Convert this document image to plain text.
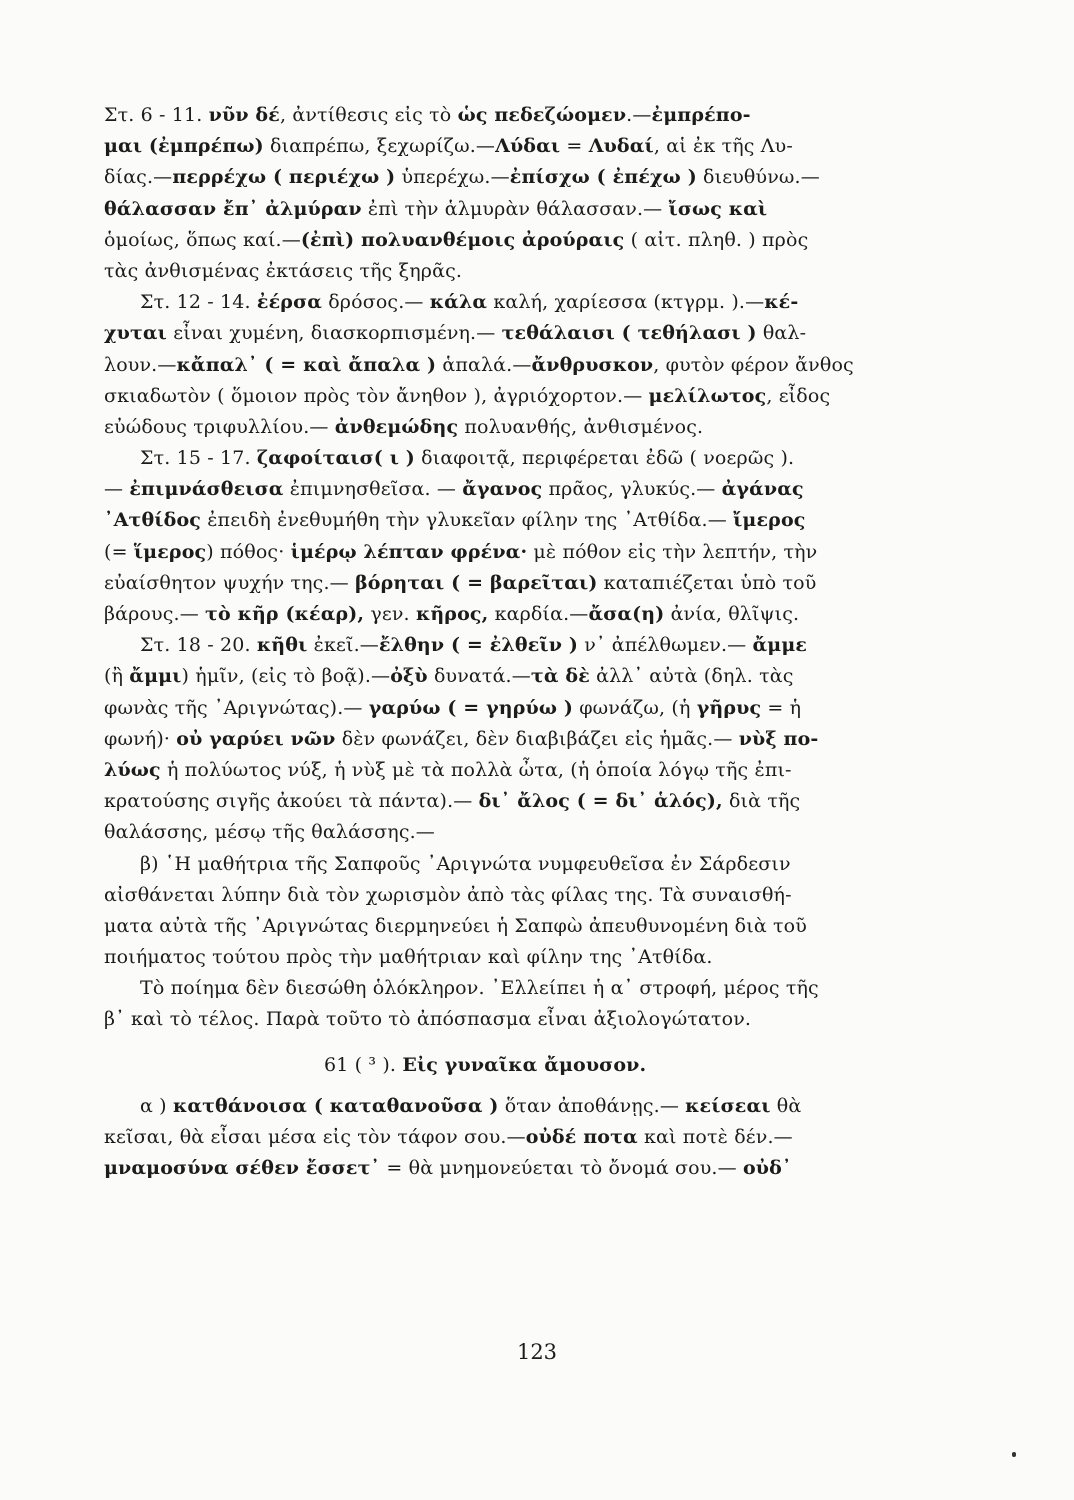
Στ. 6 - 11. νῦν δέ, ἀντίθεσις εἰς τὸ ὡς πεδεζώομεν.—ἐμπρέπο-
μαι (ἐμπρέπω) διαπρέπω, ξεχωρίζω.—Λύδαι = Λυδαί, αἱ ἐκ τῆς Λυ-
δίας.—περρέχω ( περιέχω ) ὑπερέχω.—ἐπίσχω ( ἐπέχω ) διευθύνω.—
θάλασσαν ἔπ᾽ ἀλμύραν ἐπὶ τὴν ἁλμυρὰν θάλασσαν.— ἴσως καὶ
ὁμοίως, ὅπως καί.—(ἐπὶ) πολυανθέμοις ἀρούραις ( αἰτ. πληθ. ) πρὸς
τὰς ἀνθισμένας ἐκτάσεις τῆς ξηρᾶς.
Στ. 12 - 14. ἐέρσα δρόσος.— κάλα καλή, χαρίεσσα (κτγρμ. ).—κέ-
χυται εἶναι χυμένη, διασκορπισμένη.— τεθάλαισι ( τεθήλασι ) θαλ-
λουν.—κἄπαλ᾽ ( = καὶ ἄπαλα ) ἁπαλά.—ἄνθρυσκον, φυτὸν φέρον ἄνθος
σκιαδωτὸν ( ὅμοιον πρὸς τὸν ἄνηθον ), ἀγριόχορτον.— μελίλωτος, εἶδος
εὐώδους τριφυλλίου.— ἀνθεμώδης πολυανθής, ἀνθισμένος.
Στ. 15 - 17. ζαφοίταισ( ι ) διαφοιτᾷ, περιφέρεται ἐδῶ ( νοερῶς ).
— ἐπιμνάσθεισα ἐπιμνησθεῖσα. — ἄγανος πρᾶος, γλυκύς.— ἀγάνας
᾽Ατθίδος ἐπειδὴ ἐνεθυμήθη τὴν γλυκεῖαν φίλην της ᾽Ατθίδα.— ἴμερος
(= ἵμερος) πόθος· ἱμέρῳ λέπταν φρένα· μὲ πόθον εἰς τὴν λεπτήν, τὴν
εὐαίσθητον ψυχήν της.— βόρηται ( = βαρεῖται) καταπιέζεται ὑπὸ τοῦ
βάρους.— τὸ κῆρ (κέαρ), γεν. κῆρος, καρδία.—ἄσα(η) ἀνία, θλῖψις.
Στ. 18 - 20. κῆθι ἐκεῖ.—ἔλθην ( = ἐλθεῖν ) ν᾽ ἀπέλθωμεν.— ἄμμε
(ἢ ἄμμι) ἡμῖν, (εἰς τὸ βοᾷ).—ὀξὺ δυνατά.—τὰ δὲ ἀλλ᾽ αὐτὰ (δηλ. τὰς
φωνὰς τῆς ᾽Αριγνώτας).— γαρύω ( = γηρύω ) φωνάζω, (ἡ γῆρυς = ἡ
φωνή)· οὐ γαρύει νῶν δὲν φωνάζει, δὲν διαβιβάζει εἰς ἡμᾶς.— νὺξ πο-
λύως ἡ πολύωτος νύξ, ἡ νὺξ μὲ τὰ πολλὰ ὦτα, (ἡ ὁποία λόγῳ τῆς ἐπι-
κρατούσης σιγῆς ἀκούει τὰ πάντα).— δι᾽ ἄλος ( = δι᾽ ἁλός), διὰ τῆς
θαλάσσης, μέσῳ τῆς θαλάσσης.—
β) ῾Η μαθήτρια τῆς Σαπφοῦς ᾽Αριγνώτα νυμφευθεῖσα ἐν Σάρδεσιν
αἰσθάνεται λύπην διὰ τὸν χωρισμὸν ἀπὸ τὰς φίλας της. Τὰ συναισθή-
ματα αὐτὰ τῆς ᾽Αριγνώτας διερμηνεύει ἡ Σαπφὼ ἀπευθυνομένη διὰ τοῦ
ποιήματος τούτου πρὸς τὴν μαθήτριαν καὶ φίλην της ᾽Ατθίδα.
Τὸ ποίημα δὲν διεσώθη ὁλόκληρον. ᾽Ελλείπει ἡ α᾽ στροφή, μέρος τῆς
β᾽ καὶ τὸ τέλος. Παρὰ τοῦτο τὸ ἀπόσπασμα εἶναι ἀξιολογώτατον.
61 ( ³ ). Εἰς γυναῖκα ἄμουσον.
α ) κατθάνοισα ( καταθανοῦσα ) ὅταν ἀποθάνῃς.— κείσεαι θὰ
κεῖσαι, θὰ εἶσαι μέσα εἰς τὸν τάφον σου.—οὐδέ ποτα καὶ ποτὲ δέν.—
μναμοσύνα σέθεν ἔσσετ᾽ = θὰ μνημονεύεται τὸ ὄνομά σου.— οὐδ᾽
123
